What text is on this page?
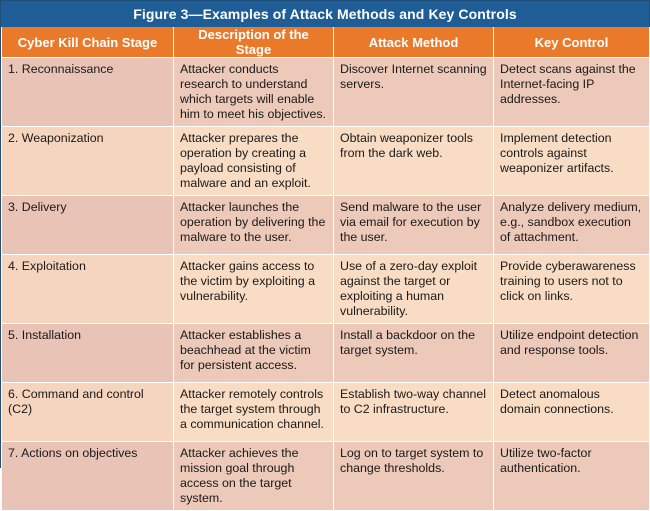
Figure 3—Examples of Attack Methods and Key Controls
Cyber Kill Chain Stage	Description of the Stage	Attack Method	Key Control
1. Reconnaissance	Attacker conducts research to understand which targets will enable him to meet his objectives.	Discover Internet scanning servers.	Detect scans against the Internet-facing IP addresses.
2. Weaponization	Attacker prepares the operation by creating a payload consisting of malware and an exploit.	Obtain weaponizer tools from the dark web.	Implement detection controls against weaponizer artifacts.
3. Delivery	Attacker launches the operation by delivering the malware to the user.	Send malware to the user via email for execution by the user.	Analyze delivery medium, e.g., sandbox execution of attachment.
4. Exploitation	Attacker gains access to the victim by exploiting a vulnerability.	Use of a zero-day exploit against the target or exploiting a human vulnerability.	Provide cyberawareness training to users not to click on links.
5. Installation	Attacker establishes a beachhead at the victim for persistent access.	Install a backdoor on the target system.	Utilize endpoint detection and response tools.
6. Command and control (C2)	Attacker remotely controls the target system through a communication channel.	Establish two-way channel to C2 infrastructure.	Detect anomalous domain connections.
7. Actions on objectives	Attacker achieves the mission goal through access on the target system.	Log on to target system to change thresholds.	Utilize two-factor authentication.
